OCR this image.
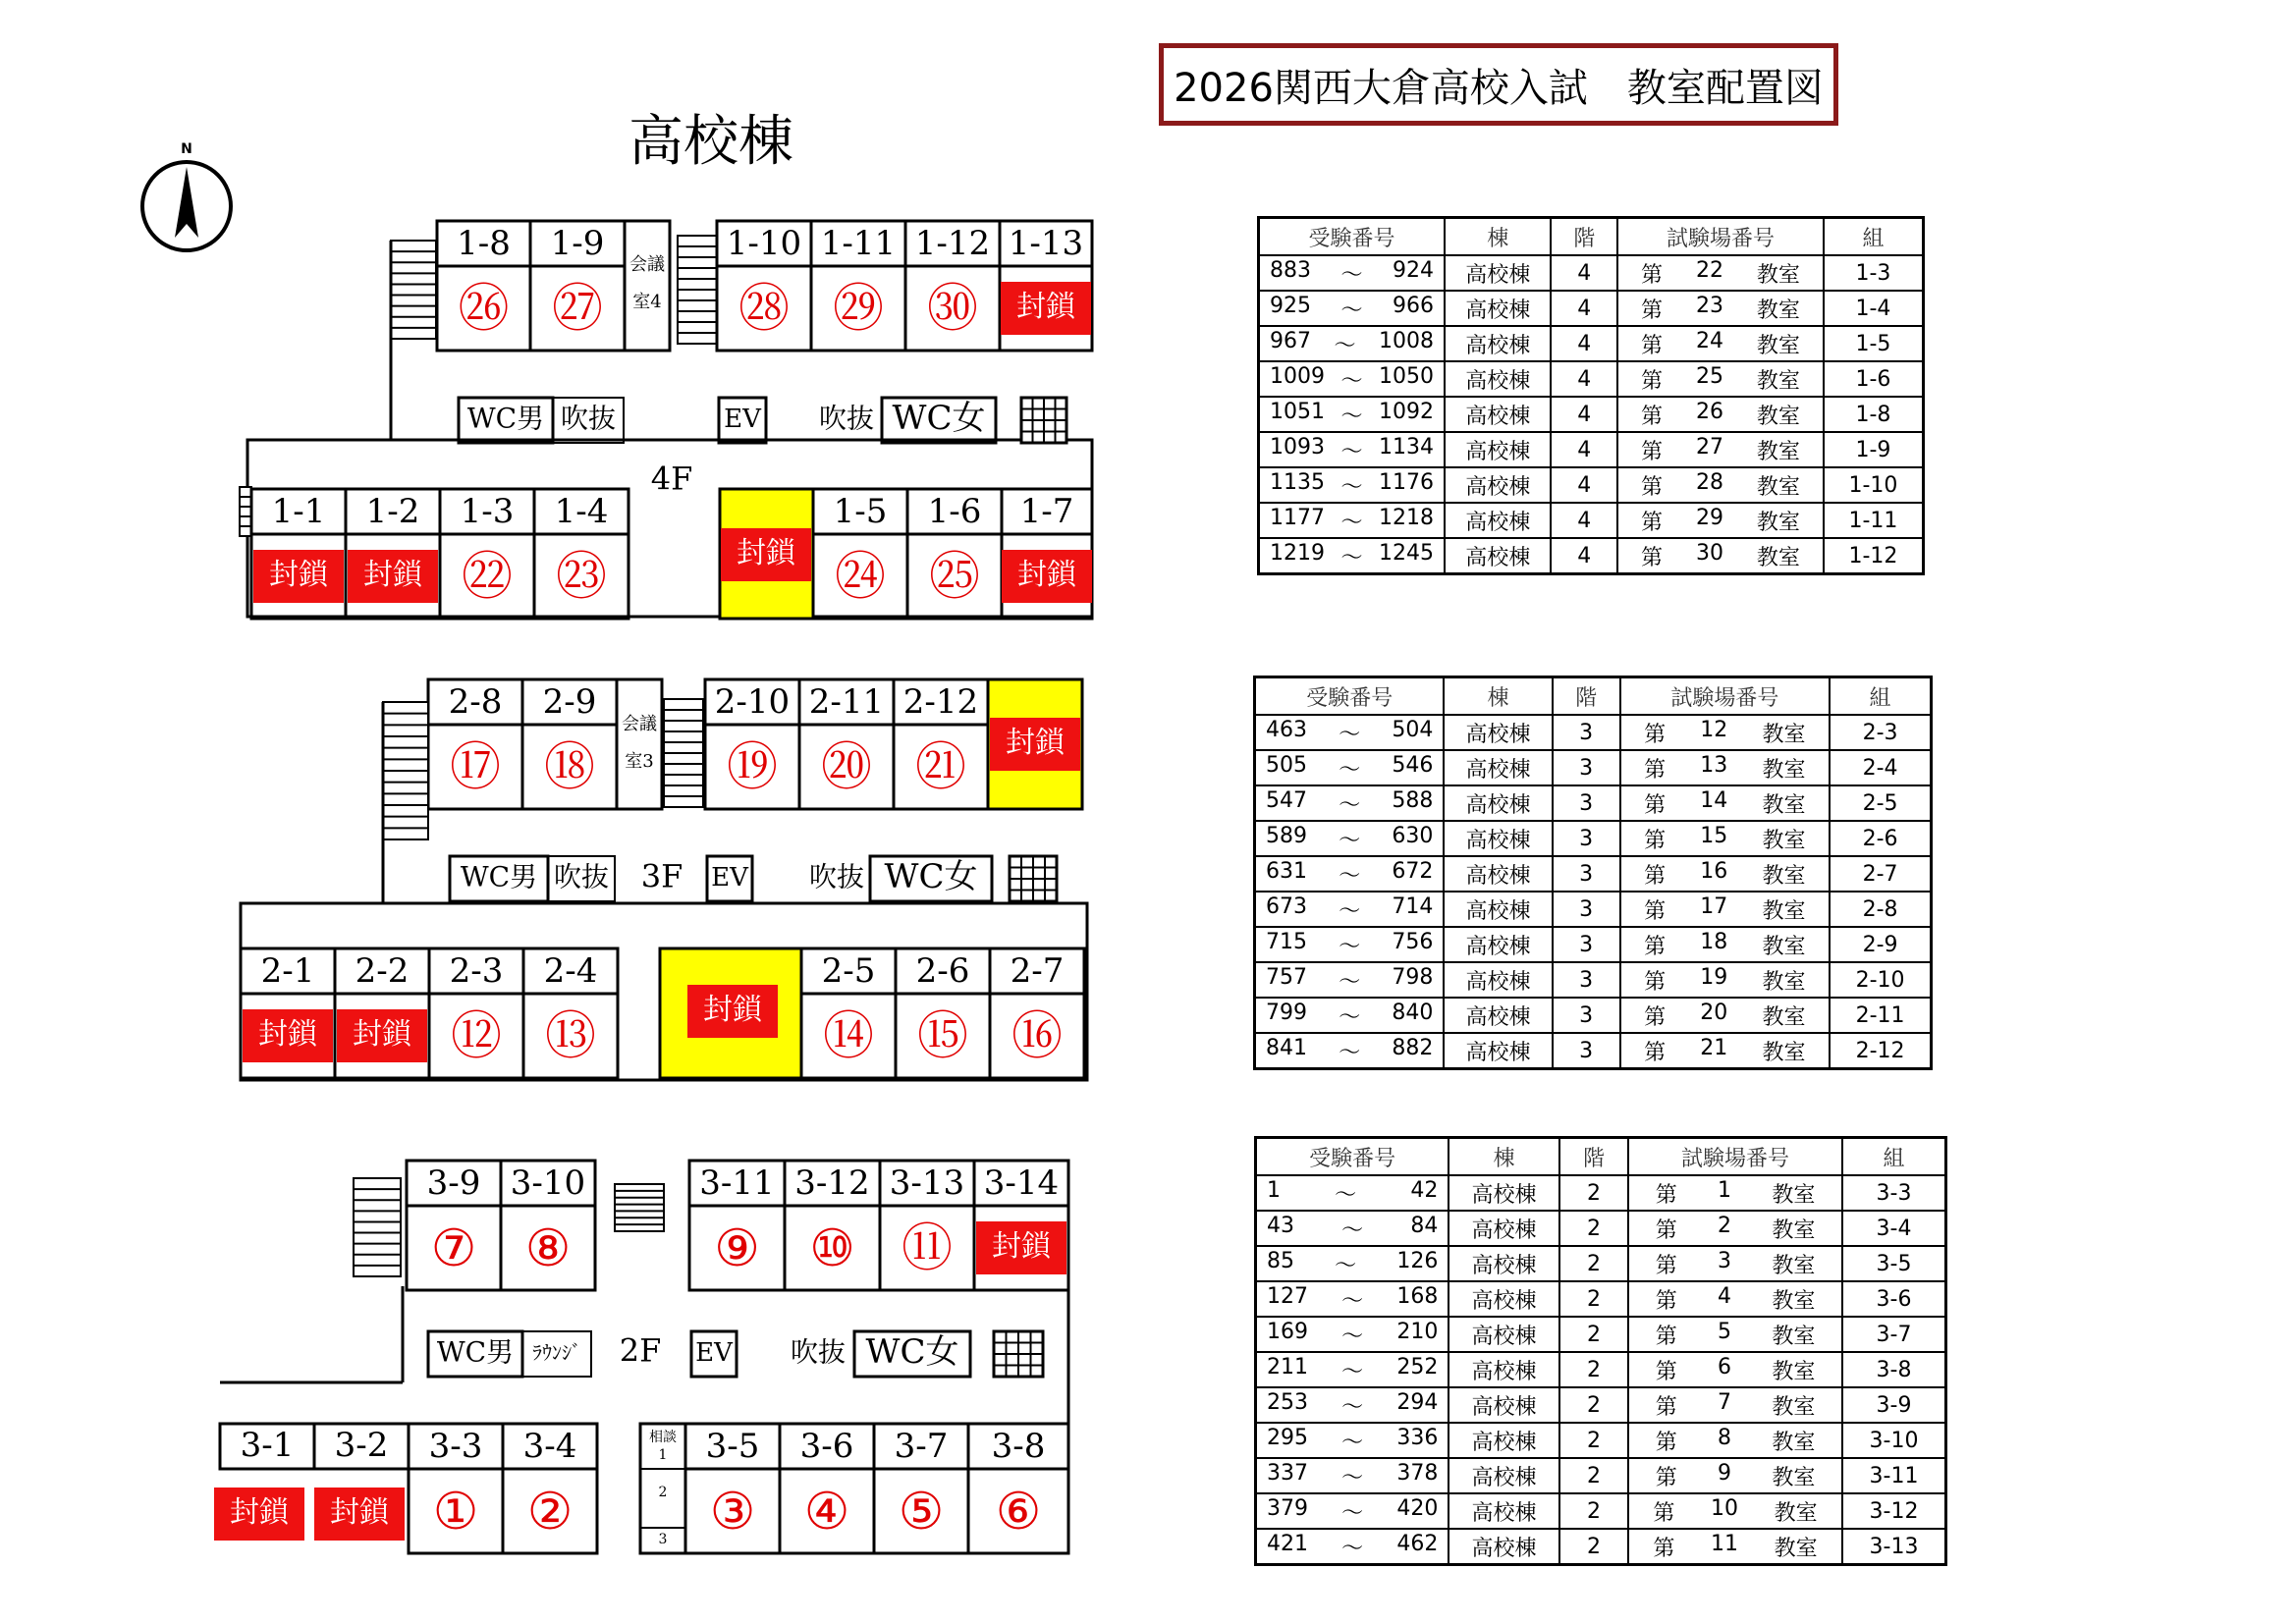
2026関西大倉高校入試　教室配置図
高校棟
N
1-8
㉖
1-9
㉗
会議
室4
1-10
㉘
1-11
㉙
1-12
㉚
1-13
封鎖
WC男 吹抜	EV 吹抜 WC女
4F
1-1
封鎖
1-2
封鎖
1-3
㉒
1-4
㉓	封鎖
1-5
㉔
1-6
㉕
1-7
封鎖
2-8
⑰
2-9
⑱
会議
室3
2-10
⑲
2-11
⑳
2-12
㉑ 封鎖
WC男 吹抜	EV 吹抜 WC女
3F
2-1
封鎖
2-2
封鎖
2-3
⑫
2-4
⑬	封鎖
2-5
⑭
2-6
⑮
2-7
⑯
3-9
⑦
3-10
⑧
3-11
⑨
3-12
⑩
3-13
⑪
3-14
封鎖
WC男 ﾗｳﾝｼﾞ	EV 吹抜 WC女
2F
3-1
封鎖
3-2
封鎖
3-3
①
3-4
②
相談
1
2
3
3-5
③
3-6
④
3-7
⑤
3-8
⑥
受験番号	棟	階	試験場番号	組

883 ～ 924	高校棟	4	第 22 教室	1-3

925 ～ 966	高校棟	4	第 23 教室	1-4

967 ～ 1008	高校棟	4	第 24 教室	1-5

1009 ～ 1050	高校棟	4	第 25 教室	1-6

1051 ～ 1092	高校棟	4	第 26 教室	1-8

1093 ～ 1134	高校棟	4	第 27 教室	1-9

1135 ～ 1176	高校棟	4	第 28 教室	1-10

1177 ～ 1218	高校棟	4	第 29 教室	1-11

1219 ～ 1245	高校棟	4	第 30 教室	1-12
受験番号	棟	階	試験場番号	組

463 ～ 504	高校棟	3	第 12 教室	2-3

505 ～ 546	高校棟	3	第 13 教室	2-4

547 ～ 588	高校棟	3	第 14 教室	2-5

589 ～ 630	高校棟	3	第 15 教室	2-6

631 ～ 672	高校棟	3	第 16 教室	2-7

673 ～ 714	高校棟	3	第 17 教室	2-8

715 ～ 756	高校棟	3	第 18 教室	2-9

757 ～ 798	高校棟	3	第 19 教室	2-10

799 ～ 840	高校棟	3	第 20 教室	2-11

841 ～ 882	高校棟	3	第 21 教室	2-12
受験番号	棟	階	試験場番号	組

1 ～ 42	高校棟	2	第 1 教室	3-3

43 ～ 84	高校棟	2	第 2 教室	3-4

85 ～ 126	高校棟	2	第 3 教室	3-5

127 ～ 168	高校棟	2	第 4 教室	3-6

169 ～ 210	高校棟	2	第 5 教室	3-7

211 ～ 252	高校棟	2	第 6 教室	3-8

253 ～ 294	高校棟	2	第 7 教室	3-9

295 ～ 336	高校棟	2	第 8 教室	3-10

337 ～ 378	高校棟	2	第 9 教室	3-11

379 ～ 420	高校棟	2	第 10 教室	3-12

421 ～ 462	高校棟	2	第 11 教室	3-13
